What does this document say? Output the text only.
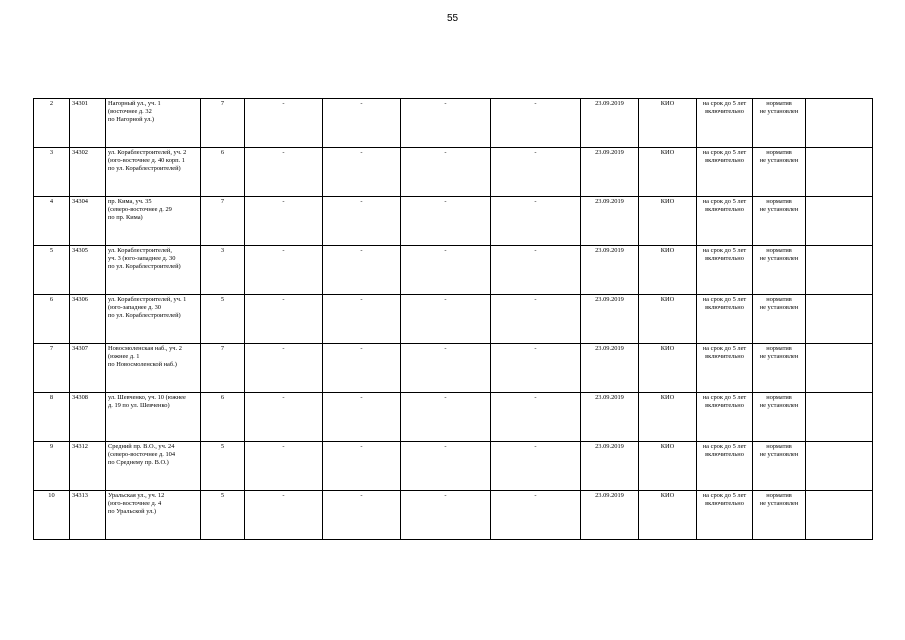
55
2	34301	Нагорный ул., уч. 1
(восточнее д. 32
по Нагорной ул.)	7	-	-	-	-	23.09.2019	КИО	на срок до 5 лет
включительно	норматив
не установлен	

3	34302	ул. Кораблестроителей, уч. 2
(юго-восточнее д. 40 корп. 1
по ул. Кораблестроителей)	6	-	-	-	-	23.09.2019	КИО	на срок до 5 лет
включительно	норматив
не установлен	

4	34304	пр. Кима, уч. 35
(северо-восточнее д. 29
по пр. Кима)	7	-	-	-	-	23.09.2019	КИО	на срок до 5 лет
включительно	норматив
не установлен	

5	34305	ул. Кораблестроителей,
уч. 3 (юго-западнее д. 30
по ул. Кораблестроителей)	3	-	-	-	-	23.09.2019	КИО	на срок до 5 лет
включительно	норматив
не установлен	

6	34306	ул. Кораблестроителей, уч. 1
(юго-западнее д. 30
по ул. Кораблестроителей)	5	-	-	-	-	23.09.2019	КИО	на срок до 5 лет
включительно	норматив
не установлен	

7	34307	Новосмоленская наб., уч. 2
(южнее д. 1
по Новосмоленской наб.)	7	-	-	-	-	23.09.2019	КИО	на срок до 5 лет
включительно	норматив
не установлен	

8	34308	ул. Шевченко, уч. 10 (южнее
д. 19 по ул. Шевченко)	6	-	-	-	-	23.09.2019	КИО	на срок до 5 лет
включительно	норматив
не установлен	

9	34312	Средний пр. В.О., уч. 24
(северо-восточнее д. 104
по Среднему пр. В.О.)	5	-	-	-	-	23.09.2019	КИО	на срок до 5 лет
включительно	норматив
не установлен	

10	34313	Уральская ул., уч. 12
(юго-восточнее д. 4
по Уральской ул.)	5	-	-	-	-	23.09.2019	КИО	на срок до 5 лет
включительно	норматив
не установлен	
